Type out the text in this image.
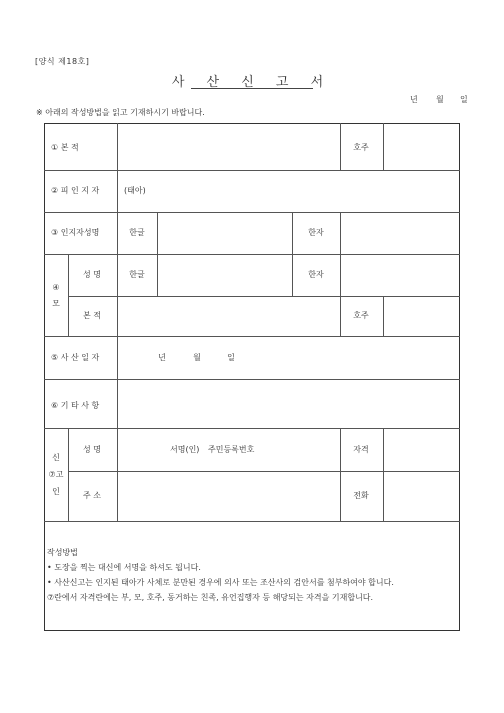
[양식 제18호]
사 산 신 고 서
년 월 일
※ 아래의 작성방법을 읽고 기재하시기 바랍니다.
① 본 적	호주
② 피 인 지 자	(태아)
③ 인지자성명	한글	한자
④
모
성 명	한글	한자
본 적	호주
⑤ 사 산 일 자	년	월	일
⑥ 기 타 사 항
신
⑦고
인
성 명	서명(인) 주민등록번호	자격
주 소	전화
작성방법
• 도장을 찍는 대신에 서명을 하셔도 됩니다.
• 사산신고는 인지된 태아가 사체로 분만된 경우에 의사 또는 조산사의 검안서를 첨부하여야 합니다.
⑦란에서 자격란에는 부, 모, 호주, 동거하는 친족, 유언집행자 등 해당되는 자격을 기재합니다.
